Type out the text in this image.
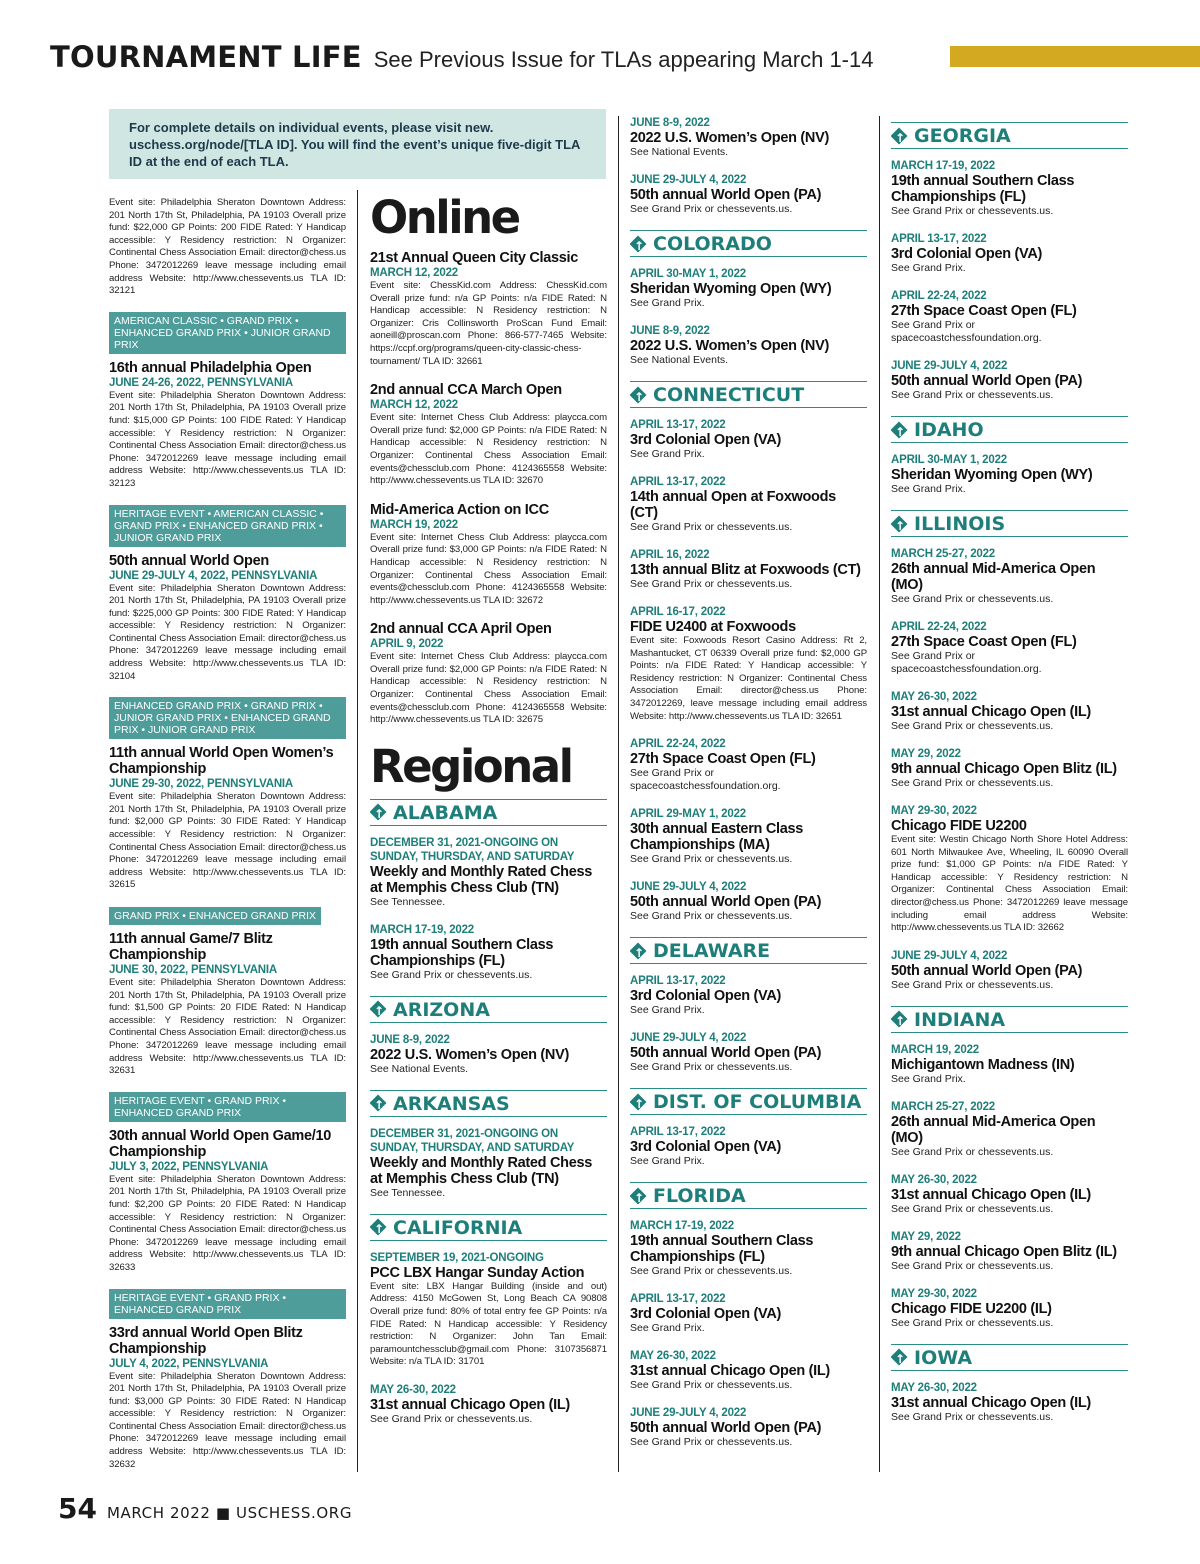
TOURNAMENT LIFE See Previous Issue for TLAs appearing March 1-14
For complete details on individual events, please visit new. uschess.org/node/[TLA ID]. You will find the event’s unique five-digit TLA ID at the end of each TLA.
Event site: Philadelphia Sheraton Downtown Address: 201 North 17th St, Philadelphia, PA 19103 Overall prize fund: $22,000 GP Points: 200 FIDE Rated: Y Handicap accessible: Y Residency restriction: N Organizer: Continental Chess Association Email: director@chess.us Phone: 3472012269 leave message including email address Website: http://www.chessevents.us TLA ID: 32121
AMERICAN CLASSIC • GRAND PRIX • ENHANCED GRAND PRIX • JUNIOR GRAND PRIX
16th annual Philadelphia Open
JUNE 24-26, 2022, PENNSYLVANIA
Event site: Philadelphia Sheraton Downtown Address: 201 North 17th St, Philadelphia, PA 19103 Overall prize fund: $15,000 GP Points: 100 FIDE Rated: Y Handicap accessible: Y Residency restriction: N Organizer: Continental Chess Association Email: director@chess.us Phone: 3472012269 leave message including email address Website: http://www.chessevents.us TLA ID: 32123
HERITAGE EVENT • AMERICAN CLASSIC • GRAND PRIX • ENHANCED GRAND PRIX • JUNIOR GRAND PRIX
50th annual World Open
JUNE 29-JULY 4, 2022, PENNSYLVANIA
Event site: Philadelphia Sheraton Downtown Address: 201 North 17th St, Philadelphia, PA 19103 Overall prize fund: $225,000 GP Points: 300 FIDE Rated: Y Handicap accessible: Y Residency restriction: N Organizer: Continental Chess Association Email: director@chess.us Phone: 3472012269 leave message including email address Website: http://www.chessevents.us TLA ID: 32104
ENHANCED GRAND PRIX • GRAND PRIX • JUNIOR GRAND PRIX • ENHANCED GRAND PRIX • JUNIOR GRAND PRIX
11th annual World Open Women’s Championship
JUNE 29-30, 2022, PENNSYLVANIA
Event site: Philadelphia Sheraton Downtown Address: 201 North 17th St, Philadelphia, PA 19103 Overall prize fund: $2,000 GP Points: 30 FIDE Rated: Y Handicap accessible: Y Residency restriction: N Organizer: Continental Chess Association Email: director@chess.us Phone: 3472012269 leave message including email address Website: http://www.chessevents.us TLA ID: 32615
GRAND PRIX • ENHANCED GRAND PRIX
11th annual Game/7 Blitz Championship
JUNE 30, 2022, PENNSYLVANIA
Event site: Philadelphia Sheraton Downtown Address: 201 North 17th St, Philadelphia, PA 19103 Overall prize fund: $1,500 GP Points: 20 FIDE Rated: N Handicap accessible: Y Residency restriction: N Organizer: Continental Chess Association Email: director@chess.us Phone: 3472012269 leave message including email address Website: http://www.chessevents.us TLA ID: 32631
HERITAGE EVENT • GRAND PRIX • ENHANCED GRAND PRIX
30th annual World Open Game/10 Championship
JULY 3, 2022, PENNSYLVANIA
Event site: Philadelphia Sheraton Downtown Address: 201 North 17th St, Philadelphia, PA 19103 Overall prize fund: $2,200 GP Points: 20 FIDE Rated: N Handicap accessible: Y Residency restriction: N Organizer: Continental Chess Association Email: director@chess.us Phone: 3472012269 leave message including email address Website: http://www.chessevents.us TLA ID: 32633
HERITAGE EVENT • GRAND PRIX • ENHANCED GRAND PRIX
33rd annual World Open Blitz Championship
JULY 4, 2022, PENNSYLVANIA
Event site: Philadelphia Sheraton Downtown Address: 201 North 17th St, Philadelphia, PA 19103 Overall prize fund: $3,000 GP Points: 30 FIDE Rated: N Handicap accessible: Y Residency restriction: N Organizer: Continental Chess Association Email: director@chess.us Phone: 3472012269 leave message including email address Website: http://www.chessevents.us TLA ID: 32632
Online
21st Annual Queen City Classic
MARCH 12, 2022
Event site: ChessKid.com Address: ChessKid.com Overall prize fund: n/a GP Points: n/a FIDE Rated: N Handicap accessible: N Residency restriction: N Organizer: Cris Collinsworth ProScan Fund Email: aoneill@proscan.com Phone: 866-577-7465 Website: https://ccpf.org/programs/queen-city-classic-chess-tournament/ TLA ID: 32661
2nd annual CCA March Open
MARCH 12, 2022
Event site: Internet Chess Club Address: playcca.com Overall prize fund: $2,000 GP Points: n/a FIDE Rated: N Handicap accessible: N Residency restriction: N Organizer: Continental Chess Association Email: events@chessclub.com Phone: 4124365558 Website: http://www.chessevents.us TLA ID: 32670
Mid-America Action on ICC
MARCH 19, 2022
Event site: Internet Chess Club Address: playcca.com Overall prize fund: $3,000 GP Points: n/a FIDE Rated: N Handicap accessible: N Residency restriction: N Organizer: Continental Chess Association Email: events@chessclub.com Phone: 4124365558 Website: http://www.chessevents.us TLA ID: 32672
2nd annual CCA April Open
APRIL 9, 2022
Event site: Internet Chess Club Address: playcca.com Overall prize fund: $2,000 GP Points: n/a FIDE Rated: N Handicap accessible: N Residency restriction: N Organizer: Continental Chess Association Email: events@chessclub.com Phone: 4124365558 Website: http://www.chessevents.us TLA ID: 32675
Regional
↑
ALABAMA
DECEMBER 31, 2021-ONGOING ON SUNDAY, THURSDAY, AND SATURDAY
Weekly and Monthly Rated Chess at Memphis Chess Club (TN)
See Tennessee.
MARCH 17-19, 2022
19th annual Southern Class Championships (FL)
See Grand Prix or chessevents.us.
↑
ARIZONA
JUNE 8-9, 2022
2022 U.S. Women’s Open (NV)
See National Events.
↑
ARKANSAS
DECEMBER 31, 2021-ONGOING ON SUNDAY, THURSDAY, AND SATURDAY
Weekly and Monthly Rated Chess at Memphis Chess Club (TN)
See Tennessee.
↑
CALIFORNIA
SEPTEMBER 19, 2021-ONGOING
PCC LBX Hangar Sunday Action
Event site: LBX Hangar Building (inside and out) Address: 4150 McGowen St, Long Beach CA 90808 Overall prize fund: 80% of total entry fee GP Points: n/a FIDE Rated: N Handicap accessible: Y Residency restriction: N Organizer: John Tan Email: paramountchessclub@gmail.com Phone: 3107356871 Website: n/a TLA ID: 31701
MAY 26-30, 2022
31st annual Chicago Open (IL)
See Grand Prix or chessevents.us.
JUNE 8-9, 2022
2022 U.S. Women’s Open (NV)
See National Events.
JUNE 29-JULY 4, 2022
50th annual World Open (PA)
See Grand Prix or chessevents.us.
↑
COLORADO
APRIL 30-MAY 1, 2022
Sheridan Wyoming Open (WY)
See Grand Prix.
JUNE 8-9, 2022
2022 U.S. Women’s Open (NV)
See National Events.
↑
CONNECTICUT
APRIL 13-17, 2022
3rd Colonial Open (VA)
See Grand Prix.
APRIL 13-17, 2022
14th annual Open at Foxwoods (CT)
See Grand Prix or chessevents.us.
APRIL 16, 2022
13th annual Blitz at Foxwoods (CT)
See Grand Prix or chessevents.us.
APRIL 16-17, 2022
FIDE U2400 at Foxwoods
Event site: Foxwoods Resort Casino Address: Rt 2, Mashantucket, CT 06339 Overall prize fund: $2,000 GP Points: n/a FIDE Rated: Y Handicap accessible: Y Residency restriction: N Organizer: Continental Chess Association Email: director@chess.us Phone: 3472012269, leave message including email address Website: http://www.chessevents.us TLA ID: 32651
APRIL 22-24, 2022
27th Space Coast Open (FL)
See Grand Prix or spacecoastchessfoundation.org.
APRIL 29-MAY 1, 2022
30th annual Eastern Class Championships (MA)
See Grand Prix or chessevents.us.
JUNE 29-JULY 4, 2022
50th annual World Open (PA)
See Grand Prix or chessevents.us.
↑
DELAWARE
APRIL 13-17, 2022
3rd Colonial Open (VA)
See Grand Prix.
JUNE 29-JULY 4, 2022
50th annual World Open (PA)
See Grand Prix or chessevents.us.
↑
DIST. OF COLUMBIA
APRIL 13-17, 2022
3rd Colonial Open (VA)
See Grand Prix.
↑
FLORIDA
MARCH 17-19, 2022
19th annual Southern Class Championships (FL)
See Grand Prix or chessevents.us.
APRIL 13-17, 2022
3rd Colonial Open (VA)
See Grand Prix.
MAY 26-30, 2022
31st annual Chicago Open (IL)
See Grand Prix or chessevents.us.
JUNE 29-JULY 4, 2022
50th annual World Open (PA)
See Grand Prix or chessevents.us.
↑
GEORGIA
MARCH 17-19, 2022
19th annual Southern Class Championships (FL)
See Grand Prix or chessevents.us.
APRIL 13-17, 2022
3rd Colonial Open (VA)
See Grand Prix.
APRIL 22-24, 2022
27th Space Coast Open (FL)
See Grand Prix or spacecoastchessfoundation.org.
JUNE 29-JULY 4, 2022
50th annual World Open (PA)
See Grand Prix or chessevents.us.
↑
IDAHO
APRIL 30-MAY 1, 2022
Sheridan Wyoming Open (WY)
See Grand Prix.
↑
ILLINOIS
MARCH 25-27, 2022
26th annual Mid-America Open (MO)
See Grand Prix or chessevents.us.
APRIL 22-24, 2022
27th Space Coast Open (FL)
See Grand Prix or spacecoastchessfoundation.org.
MAY 26-30, 2022
31st annual Chicago Open (IL)
See Grand Prix or chessevents.us.
MAY 29, 2022
9th annual Chicago Open Blitz (IL)
See Grand Prix or chessevents.us.
MAY 29-30, 2022
Chicago FIDE U2200
Event site: Westin Chicago North Shore Hotel Address: 601 North Milwaukee Ave, Wheeling, IL 60090 Overall prize fund: $1,000 GP Points: n/a FIDE Rated: Y Handicap accessible: Y Residency restriction: N Organizer: Continental Chess Association Email: director@chess.us Phone: 3472012269 leave message including email address Website: http://www.chessevents.us TLA ID: 32662
JUNE 29-JULY 4, 2022
50th annual World Open (PA)
See Grand Prix or chessevents.us.
↑
INDIANA
MARCH 19, 2022
Michigantown Madness (IN)
See Grand Prix.
MARCH 25-27, 2022
26th annual Mid-America Open (MO)
See Grand Prix or chessevents.us.
MAY 26-30, 2022
31st annual Chicago Open (IL)
See Grand Prix or chessevents.us.
MAY 29, 2022
9th annual Chicago Open Blitz (IL)
See Grand Prix or chessevents.us.
MAY 29-30, 2022
Chicago FIDE U2200 (IL)
See Grand Prix or chessevents.us.
↑
IOWA
MAY 26-30, 2022
31st annual Chicago Open (IL)
See Grand Prix or chessevents.us.
54 MARCH 2022 ■ USCHESS.ORG
